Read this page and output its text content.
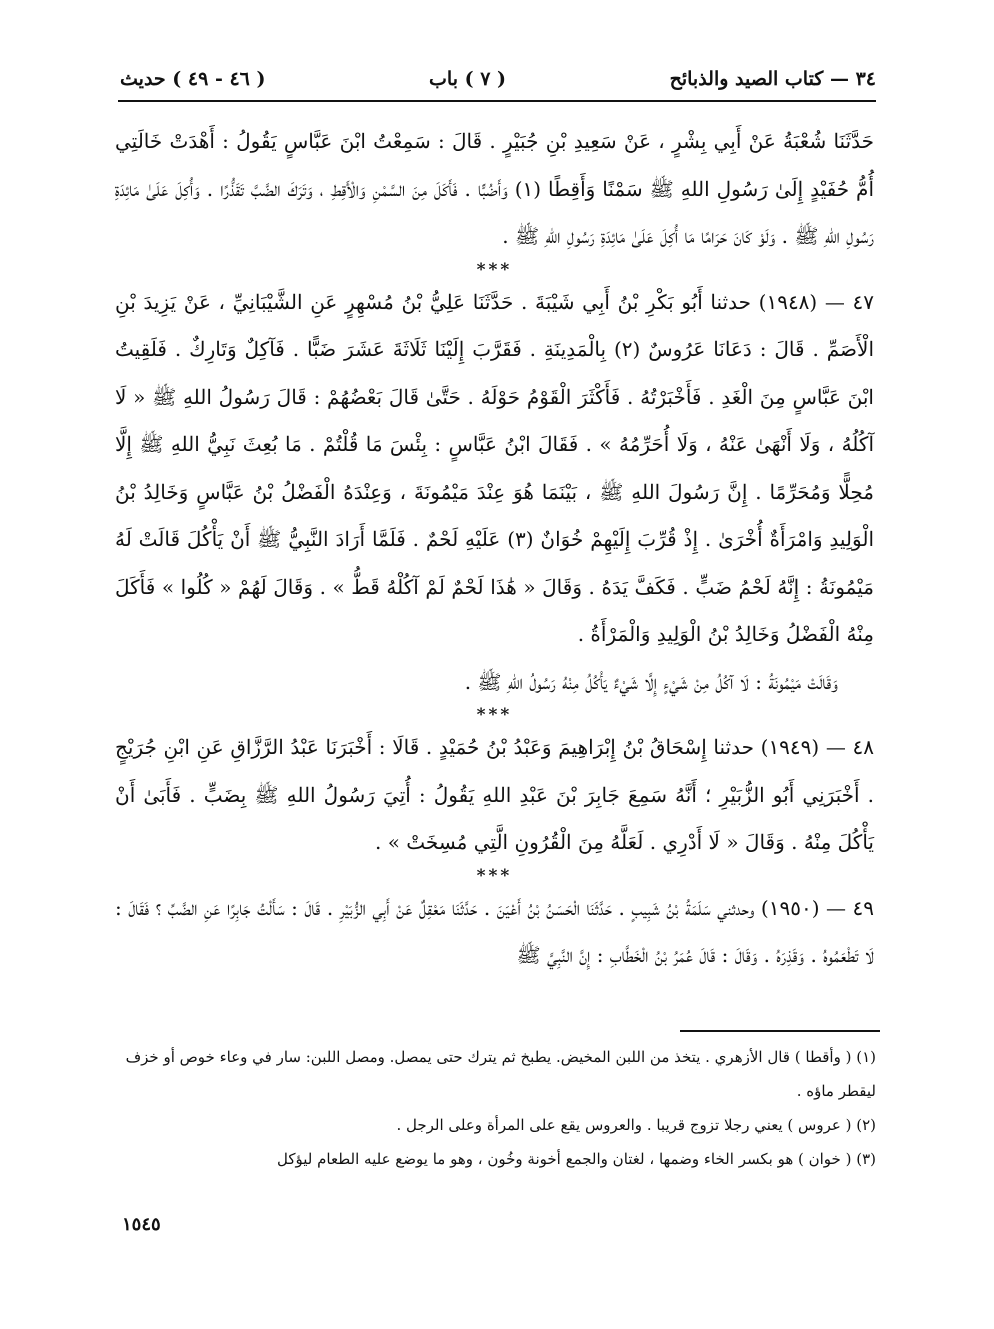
٣٤ — كتاب الصيد والذبائح
( ٧ ) باب
( ٤٦ - ٤٩ ) حديث

حَدَّثَنَا شُعْبَةُ عَنْ أَبِي بِشْرٍ ، عَنْ سَعِيدِ بْنِ جُبَيْرٍ . قَالَ : سَمِعْتُ ابْنَ عَبَّاسٍ يَقُولُ : أَهْدَتْ خَالَتِي أُمُّ حُفَيْدٍ إِلَىٰ رَسُولِ اللهِ ﷺ سَمْنًا وَأَقِطًا (١) وَأَضُبًّا . فَأَكَلَ مِنَ السَّمْنِ وَالْأَقِطِ ، وَتَرَكَ الضَّبَّ تَقَذُّرًا . وَأُكِلَ عَلَىٰ مَائِدَةِ رَسُولِ اللهِ ﷺ . وَلَوْ كَانَ حَرَامًا مَا أُكِلَ عَلَىٰ مَائِدَةِ رَسُولِ اللهِ ﷺ .

***

٤٧ — (١٩٤٨) حدثنا أَبُو بَكْرِ بْنُ أَبِي شَيْبَةَ . حَدَّثَنَا عَلِيُّ بْنُ مُسْهِرٍ عَنِ الشَّيْبَانِيِّ ، عَنْ يَزِيدَ بْنِ الْأَصَمِّ . قَالَ : دَعَانَا عَرُوسٌ (٢) بِالْمَدِينَةِ . فَقَرَّبَ إِلَيْنَا ثَلَاثَةَ عَشَرَ ضَبًّا . فَآكِلٌ وَتَارِكٌ . فَلَقِيتُ ابْنَ عَبَّاسٍ مِنَ الْغَدِ . فَأَخْبَرْتُهُ . فَأَكْثَرَ الْقَوْمُ حَوْلَهُ . حَتَّىٰ قَالَ بَعْضُهُمْ : قَالَ رَسُولُ اللهِ ﷺ « لَا آكُلُهُ ، وَلَا أَنْهَىٰ عَنْهُ ، وَلَا أُحَرِّمُهُ » . فَقَالَ ابْنُ عَبَّاسٍ : بِئْسَ مَا قُلْتُمْ . مَا بُعِثَ نَبِيُّ اللهِ ﷺ إِلَّا مُحِلًّا وَمُحَرِّمًا . إِنَّ رَسُولَ اللهِ ﷺ ، بَيْنَمَا هُوَ عِنْدَ مَيْمُونَةَ ، وَعِنْدَهُ الْفَضْلُ بْنُ عَبَّاسٍ وَخَالِدُ بْنُ الْوَلِيدِ وَامْرَأَةٌ أُخْرَىٰ . إِذْ قُرِّبَ إِلَيْهِمْ خُوَانٌ (٣) عَلَيْهِ لَحْمٌ . فَلَمَّا أَرَادَ النَّبِيُّ ﷺ أَنْ يَأْكُلَ قَالَتْ لَهُ مَيْمُونَةُ : إِنَّهُ لَحْمُ ضَبٍّ . فَكَفَّ يَدَهُ . وَقَالَ « هَٰذَا لَحْمٌ لَمْ آكُلْهُ قَطُّ » . وَقَالَ لَهُمْ « كُلُوا » فَأَكَلَ مِنْهُ الْفَضْلُ وَخَالِدُ بْنُ الْوَلِيدِ وَالْمَرْأَةُ .

وَقَالَتْ مَيْمُونَةُ : لَا آكُلُ مِنْ شَيْءٍ إِلَّا شَيْءٌ يَأْكُلُ مِنْهُ رَسُولُ اللهِ ﷺ .

***

٤٨ — (١٩٤٩) حدثنا إِسْحَاقُ بْنُ إِبْرَاهِيمَ وَعَبْدُ بْنُ حُمَيْدٍ . قَالَا : أَخْبَرَنَا عَبْدُ الرَّزَّاقِ عَنِ ابْنِ جُرَيْجٍ . أَخْبَرَنِي أَبُو الزُّبَيْرِ ؛ أَنَّهُ سَمِعَ جَابِرَ بْنَ عَبْدِ اللهِ يَقُولُ : أُتِيَ رَسُولُ اللهِ ﷺ بِضَبٍّ . فَأَبَىٰ أَنْ يَأْكُلَ مِنْهُ . وَقَالَ « لَا أَدْرِي . لَعَلَّهُ مِنَ الْقُرُونِ الَّتِي مُسِخَتْ » .

***

٤٩ — (١٩٥٠) وحدثني سَلَمَةُ بْنُ شَبِيبٍ . حَدَّثَنَا الْحَسَنُ بْنُ أَعْيَنَ . حَدَّثَنَا مَعْقِلٌ عَنْ أَبِي الزُّبَيْرِ . قَالَ : سَأَلْتُ جَابِرًا عَنِ الضَّبِّ ؟ فَقَالَ : لَا تَطْعَمُوهُ . وَقَذِرَهُ . وَقَالَ : قَالَ عُمَرُ بْنُ الْخَطَّابِ : إِنَّ النَّبِيَّ ﷺ

(١) ( وأقطا ) قال الأزهري . يتخذ من اللبن المخيض. يطبخ ثم يترك حتى يمصل. ومصل اللبن: سار في وعاء خوص أو خزف ليقطر ماؤه .

(٢) ( عروس ) يعني رجلا تزوج قريبا . والعروس يقع على المرأة وعلى الرجل .

(٣) ( خوان ) هو بكسر الخاء وضمها ، لغتان والجمع أخونة وخُون ، وهو ما يوضع عليه الطعام ليؤكل

١٥٤٥
